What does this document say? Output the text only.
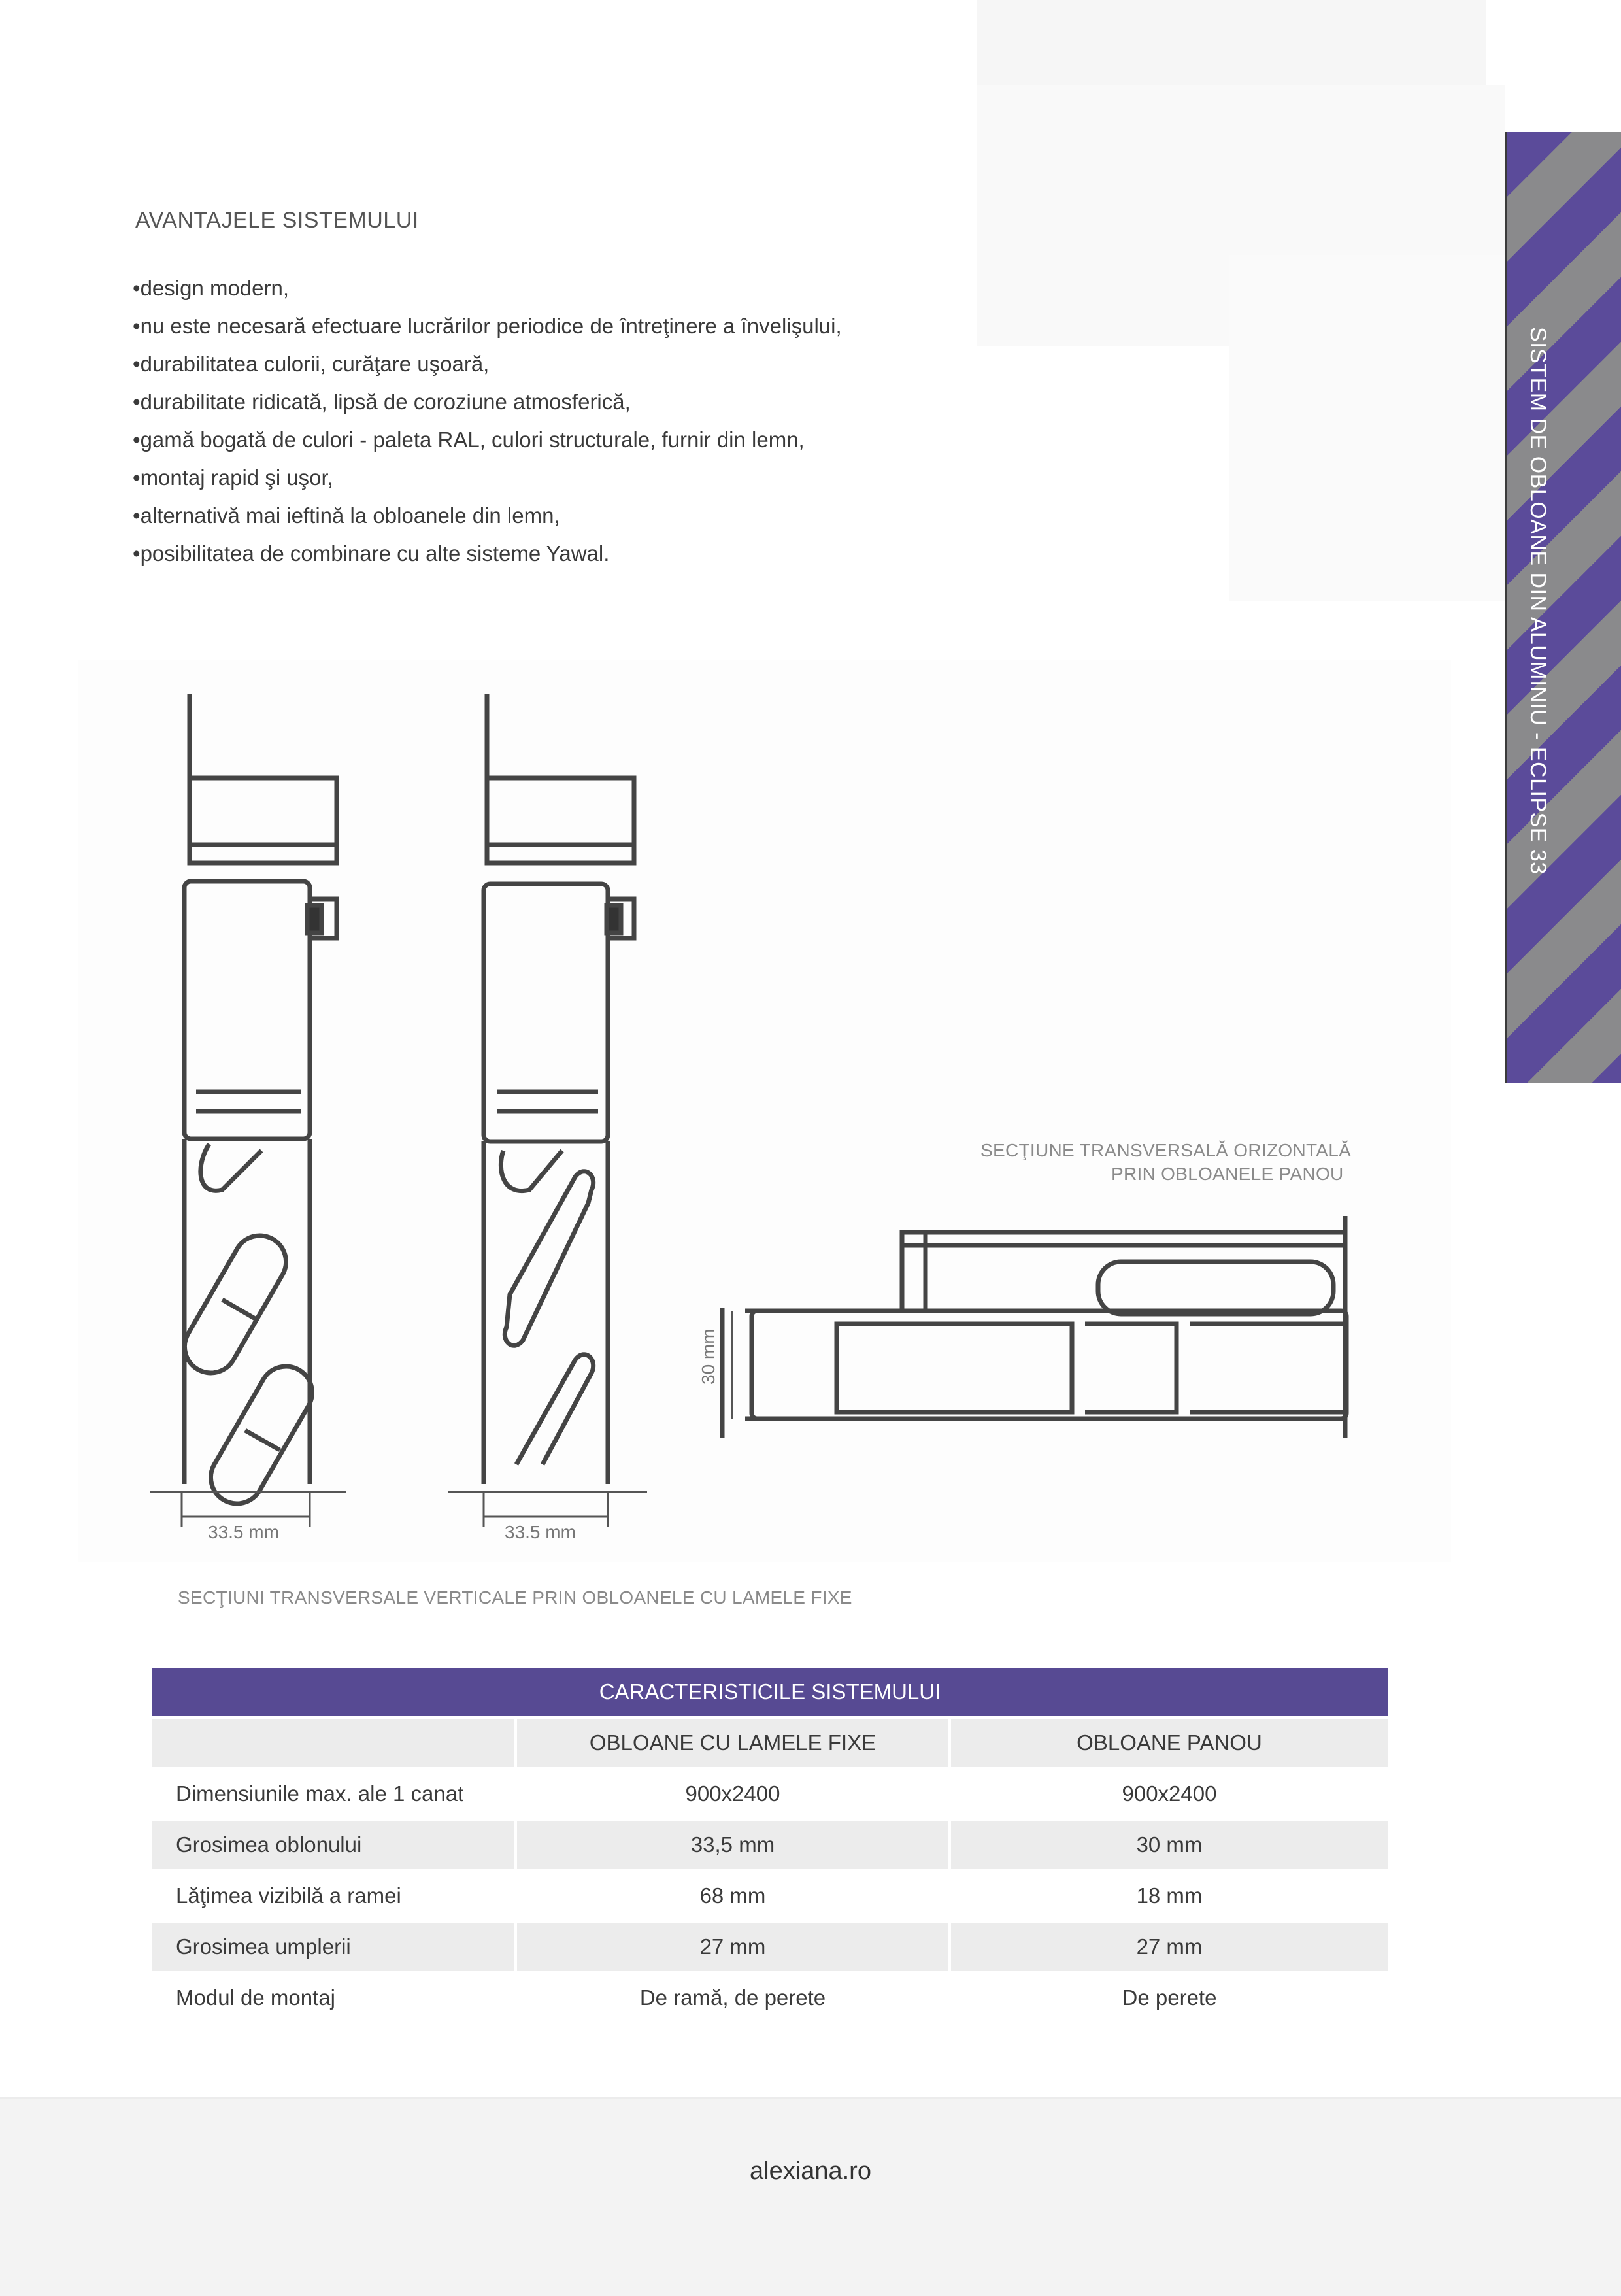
SISTEM DE OBLOANE DIN ALUMINIU - ECLIPSE 33
AVANTAJELE SISTEMULUI
• design modern,
• nu este necesară efectuare lucrărilor periodice de întreţinere a învelişului,
• durabilitatea culorii, curăţare uşoară,
• durabilitate ridicată, lipsă de coroziune atmosferică,
• gamă bogată de culori - paleta RAL, culori structurale, furnir din lemn,
• montaj rapid şi uşor,
• alternativă mai ieftină la obloanele din lemn,
• posibilitatea de combinare cu alte sisteme Yawal.
33.5 mm	33.5 mm
30 mm
SECŢIUNE TRANSVERSALĂ ORIZONTALĂ
PRIN OBLOANELE PANOU
SECŢIUNI TRANSVERSALE VERTICALE PRIN OBLOANELE CU LAMELE FIXE
CARACTERISTICILE SISTEMULUI		
	OBLOANE CU LAMELE FIXE	OBLOANE PANOU
Dimensiunile max. ale 1 canat	900x2400	900x2400
Grosimea oblonului	33,5 mm	30 mm
Lăţimea vizibilă a ramei	68 mm	18 mm
Grosimea umplerii	27 mm	27 mm
Modul de montaj	De ramă, de perete	De perete
alexiana.ro
